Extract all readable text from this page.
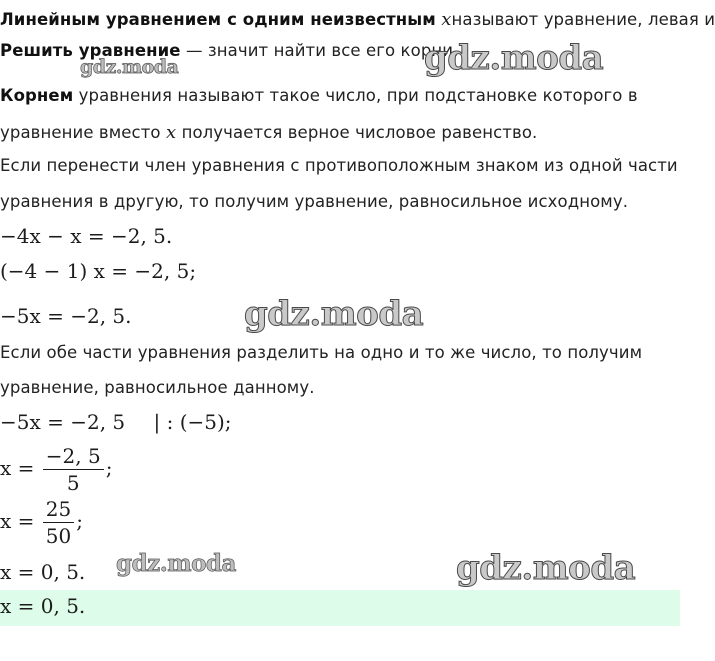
Линейным уравнением с одним неизвестным xназывают уравнение, левая и
Решить уравнение — значит найти все его корни.
Корнем уравнения называют такое число, при подстановке которого в
уравнение вместо x получается верное числовое равенство.
Если перенести член уравнения с противоположным знаком из одной части
уравнения в другую, то получим уравнение, равносильное исходному.
−4x − x = −2, 5.
(−4 − 1) x = −2, 5;
−5x = −2, 5.
Если обе части уравнения разделить на одно и то же число, то получим
уравнение, равносильное данному.
−5x = −2, 5 | : (−5);
$x = \frac{-2, 5}{5}$ ;
$x = \frac{25}{50}$ ;
x = 0, 5.
x = 0, 5.
gdz.moda
gdz.moda
gdz.moda
gdz.moda	gdz.moda
